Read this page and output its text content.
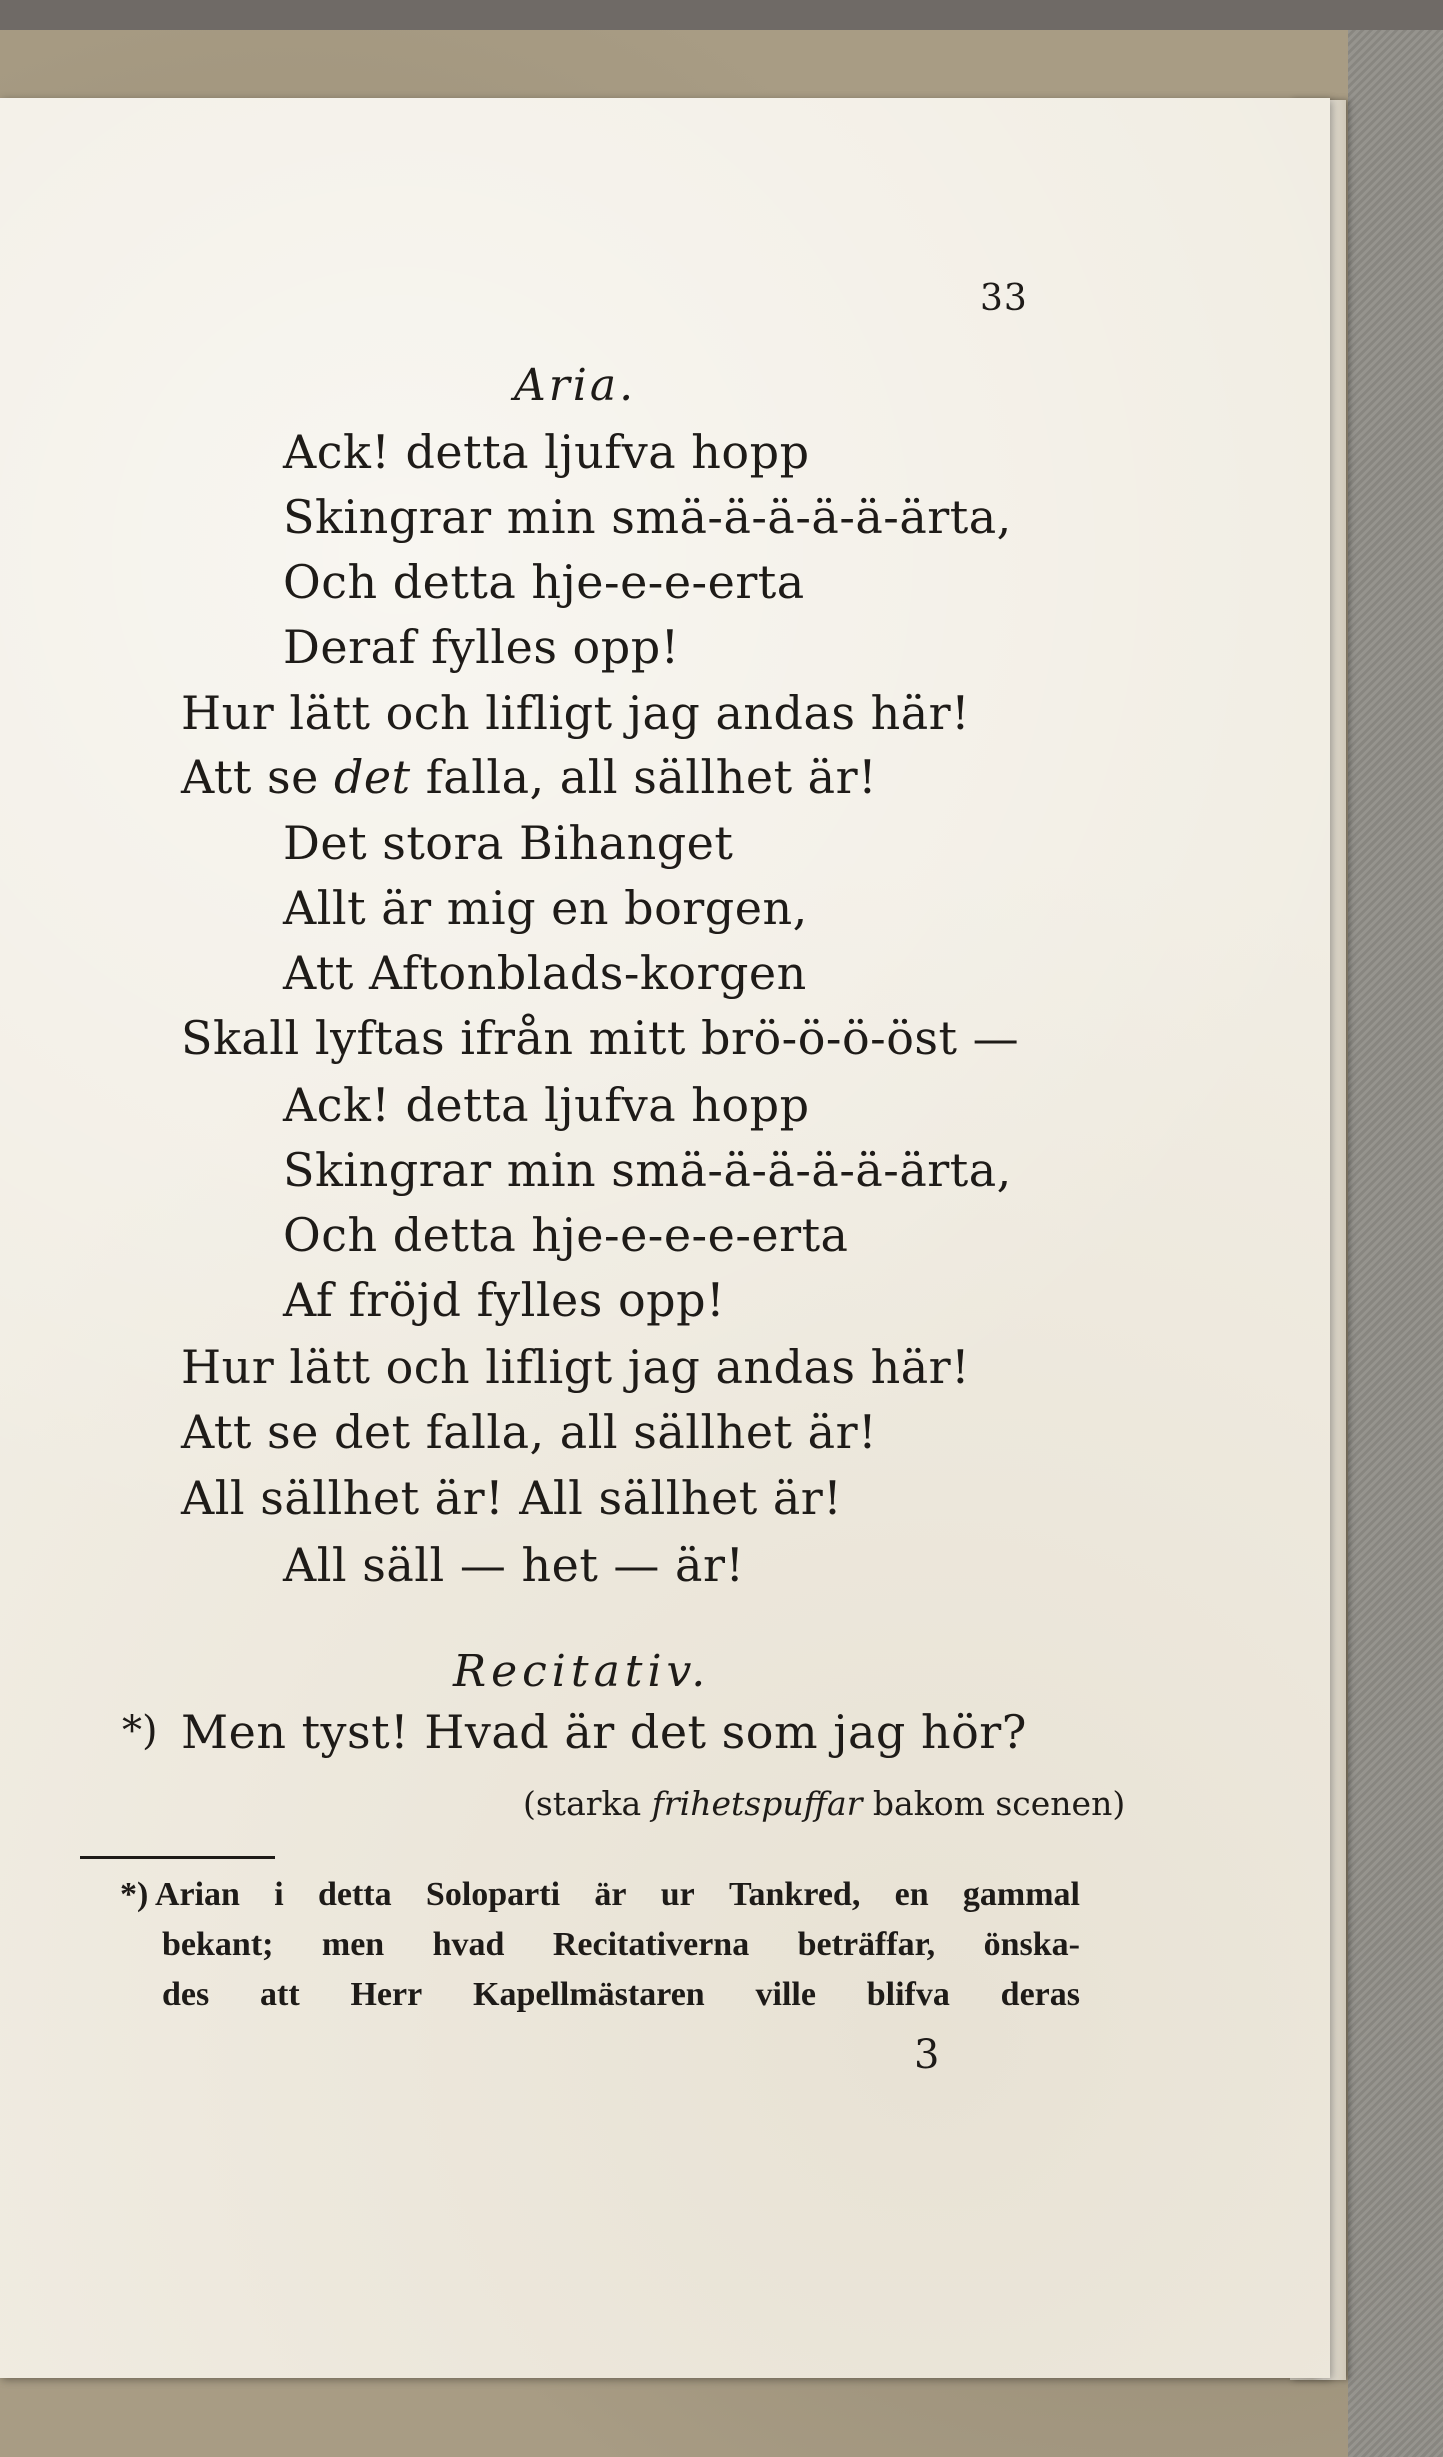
33
Aria.
Ack! detta ljufva hopp
Skingrar min smä-ä-ä-ä-ä-ärta,
Och detta hje-e-e-erta
Deraf fylles opp!
Hur lätt och lifligt jag andas här!
Att se det falla, all sällhet är!
Det stora Bihanget
Allt är mig en borgen,
Att Aftonblads-korgen
Skall lyftas ifrån mitt brö-ö-ö-öst —
Ack! detta ljufva hopp
Skingrar min smä-ä-ä-ä-ä-ärta,
Och detta hje-e-e-e-erta
Af fröjd fylles opp!
Hur lätt och lifligt jag andas här!
Att se det falla, all sällhet är!
All sällhet är! All sällhet är!
All säll — het — är!
Recitativ.
*) Men tyst! Hvad är det som jag hör?
(starka frihetspuffar bakom scenen)
*) Arian i detta Soloparti är ur Tankred, en gammal
bekant; men hvad Recitativerna beträffar, önska-
des att Herr Kapellmästaren ville blifva deras
3
